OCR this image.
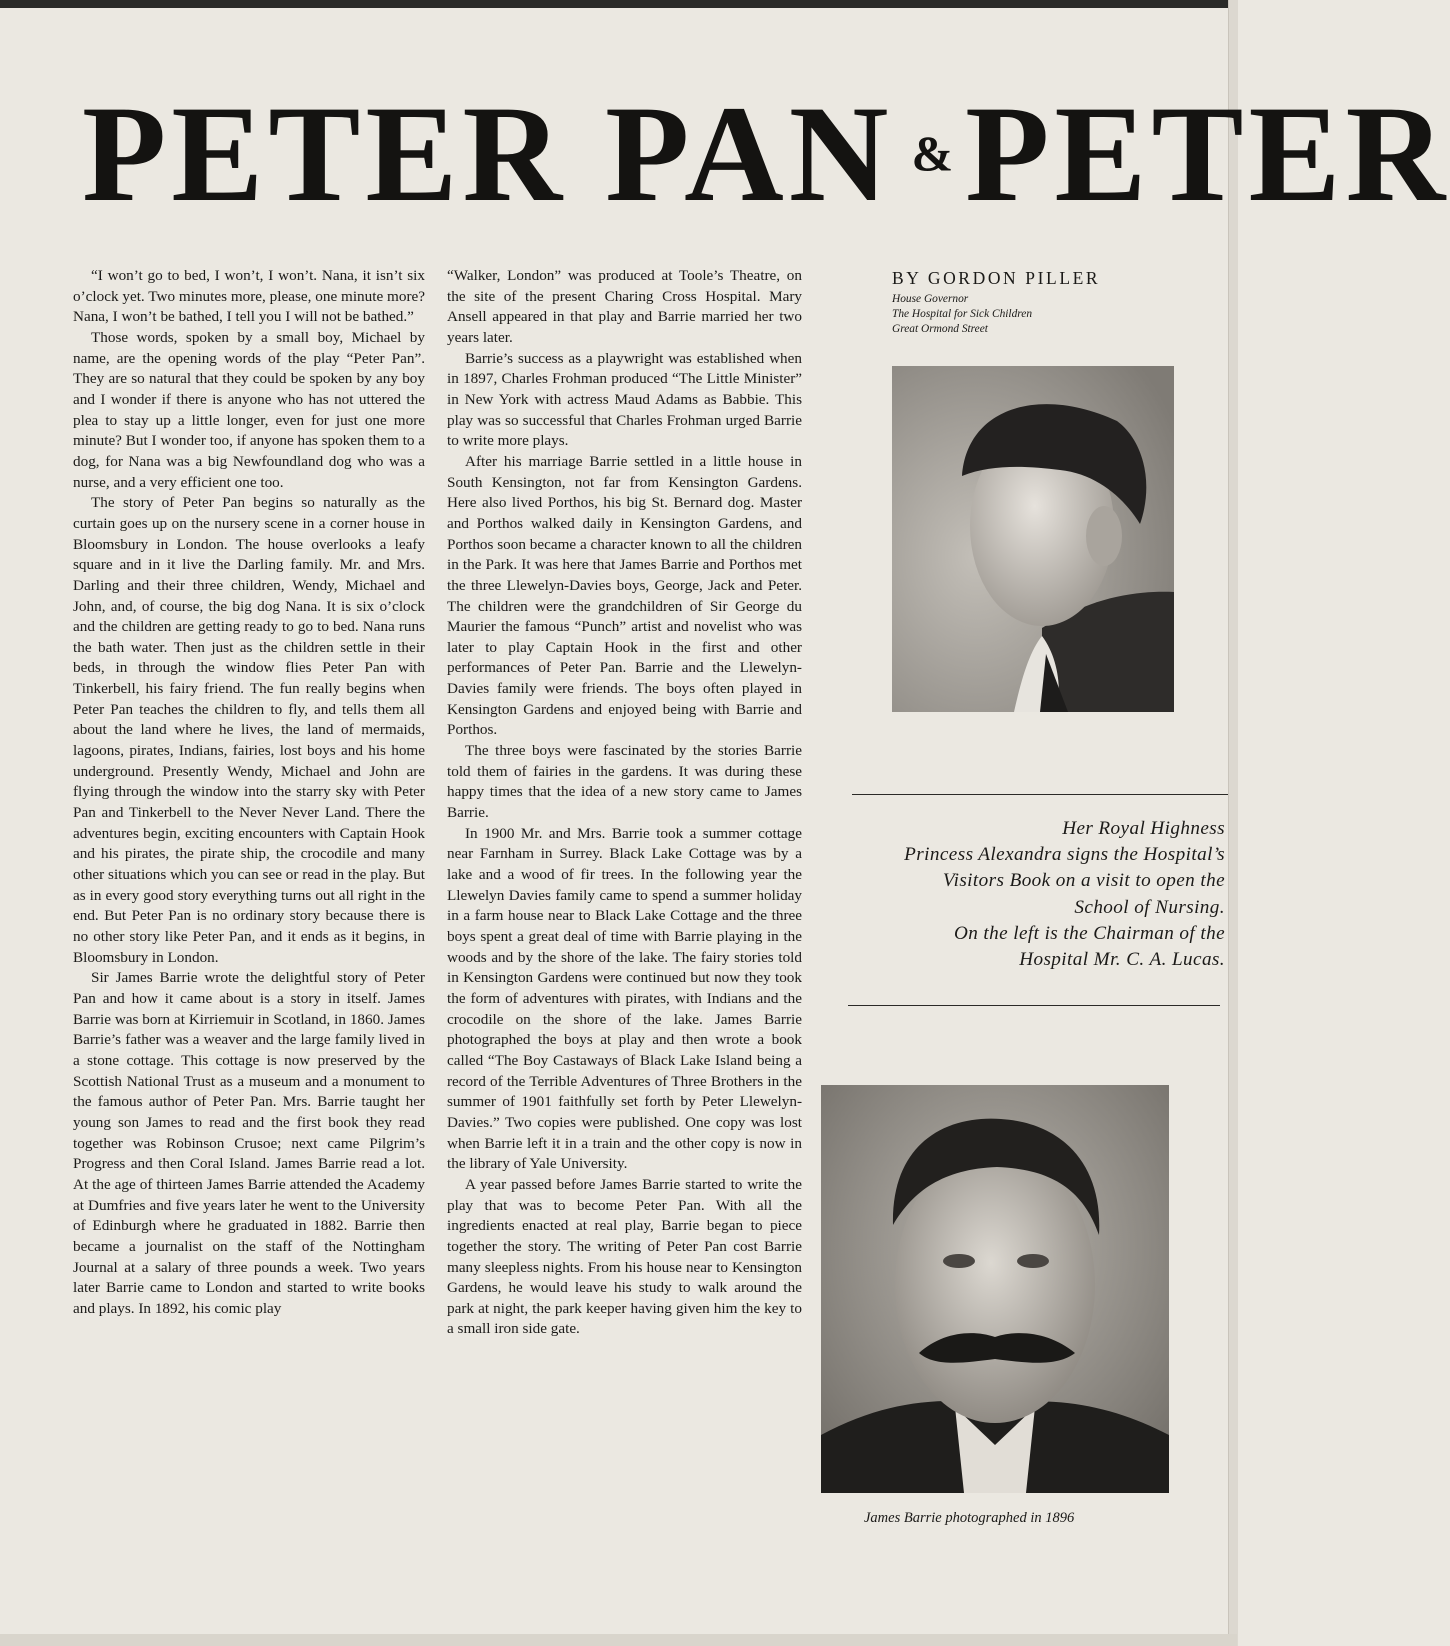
PETER PAN &PETER

“I won’t go to bed, I won’t, I won’t. Nana, it isn’t six o’clock yet. Two minutes more, please, one minute more? Nana, I won’t be bathed, I tell you I will not be bathed.”

Those words, spoken by a small boy, Michael by name, are the opening words of the play “Peter Pan”. They are so natural that they could be spoken by any boy and I wonder if there is anyone who has not uttered the plea to stay up a little longer, even for just one more minute? But I wonder too, if anyone has spoken them to a dog, for Nana was a big Newfoundland dog who was a nurse, and a very efficient one too.

The story of Peter Pan begins so naturally as the curtain goes up on the nursery scene in a corner house in Bloomsbury in London. The house overlooks a leafy square and in it live the Darling family. Mr. and Mrs. Darling and their three children, Wendy, Michael and John, and, of course, the big dog Nana. It is six o’clock and the children are getting ready to go to bed. Nana runs the bath water. Then just as the children settle in their beds, in through the window flies Peter Pan with Tinkerbell, his fairy friend. The fun really begins when Peter Pan teaches the children to fly, and tells them all about the land where he lives, the land of mermaids, lagoons, pirates, Indians, fairies, lost boys and his home underground. Presently Wendy, Michael and John are flying through the window into the starry sky with Peter Pan and Tinkerbell to the Never Never Land. There the adventures begin, exciting encounters with Captain Hook and his pirates, the pirate ship, the crocodile and many other situations which you can see or read in the play. But as in every good story everything turns out all right in the end. But Peter Pan is no ordinary story because there is no other story like Peter Pan, and it ends as it begins, in Bloomsbury in London.

Sir James Barrie wrote the delightful story of Peter Pan and how it came about is a story in itself. James Barrie was born at Kirriemuir in Scotland, in 1860. James Barrie’s father was a weaver and the large family lived in a stone cottage. This cottage is now preserved by the Scottish National Trust as a museum and a monument to the famous author of Peter Pan. Mrs. Barrie taught her young son James to read and the first book they read together was Robinson Crusoe; next came Pilgrim’s Progress and then Coral Island. James Barrie read a lot. At the age of thirteen James Barrie attended the Academy at Dumfries and five years later he went to the University of Edinburgh where he graduated in 1882. Barrie then became a journalist on the staff of the Nottingham Journal at a salary of three pounds a week. Two years later Barrie came to London and started to write books and plays. In 1892, his comic play

“Walker, London” was produced at Toole’s Theatre, on the site of the present Charing Cross Hospital. Mary Ansell appeared in that play and Barrie married her two years later.

Barrie’s success as a playwright was established when in 1897, Charles Frohman produced “The Little Minister” in New York with actress Maud Adams as Babbie. This play was so successful that Charles Frohman urged Barrie to write more plays.

After his marriage Barrie settled in a little house in South Kensington, not far from Kensington Gardens. Here also lived Porthos, his big St. Bernard dog. Master and Porthos walked daily in Kensington Gardens, and Porthos soon became a character known to all the children in the Park. It was here that James Barrie and Porthos met the three Llewelyn-Davies boys, George, Jack and Peter. The children were the grandchildren of Sir George du Maurier the famous “Punch” artist and novelist who was later to play Captain Hook in the first and other performances of Peter Pan. Barrie and the Llewelyn-Davies family were friends. The boys often played in Kensington Gardens and enjoyed being with Barrie and Porthos.

The three boys were fascinated by the stories Barrie told them of fairies in the gardens. It was during these happy times that the idea of a new story came to James Barrie.

In 1900 Mr. and Mrs. Barrie took a summer cottage near Farnham in Surrey. Black Lake Cottage was by a lake and a wood of fir trees. In the following year the Llewelyn Davies family came to spend a summer holiday in a farm house near to Black Lake Cottage and the three boys spent a great deal of time with Barrie playing in the woods and by the shore of the lake. The fairy stories told in Kensington Gardens were continued but now they took the form of adventures with pirates, with Indians and the crocodile on the shore of the lake. James Barrie photographed the boys at play and then wrote a book called “The Boy Castaways of Black Lake Island being a record of the Terrible Adventures of Three Brothers in the summer of 1901 faithfully set forth by Peter Llewelyn-Davies.” Two copies were published. One copy was lost when Barrie left it in a train and the other copy is now in the library of Yale University.

A year passed before James Barrie started to write the play that was to become Peter Pan. With all the ingredients enacted at real play, Barrie began to piece together the story. The writing of Peter Pan cost Barrie many sleepless nights. From his house near to Kensington Gardens, he would leave his study to walk around the park at night, the park keeper having given him the key to a small iron side gate.

BY GORDON PILLER
House Governor
The Hospital for Sick Children
Great Ormond Street
Her Royal Highness
Princess Alexandra signs the Hospital’s
Visitors Book on a visit to open the
School of Nursing.
On the left is the Chairman of the
Hospital Mr. C. A. Lucas.
James Barrie photographed in 1896
